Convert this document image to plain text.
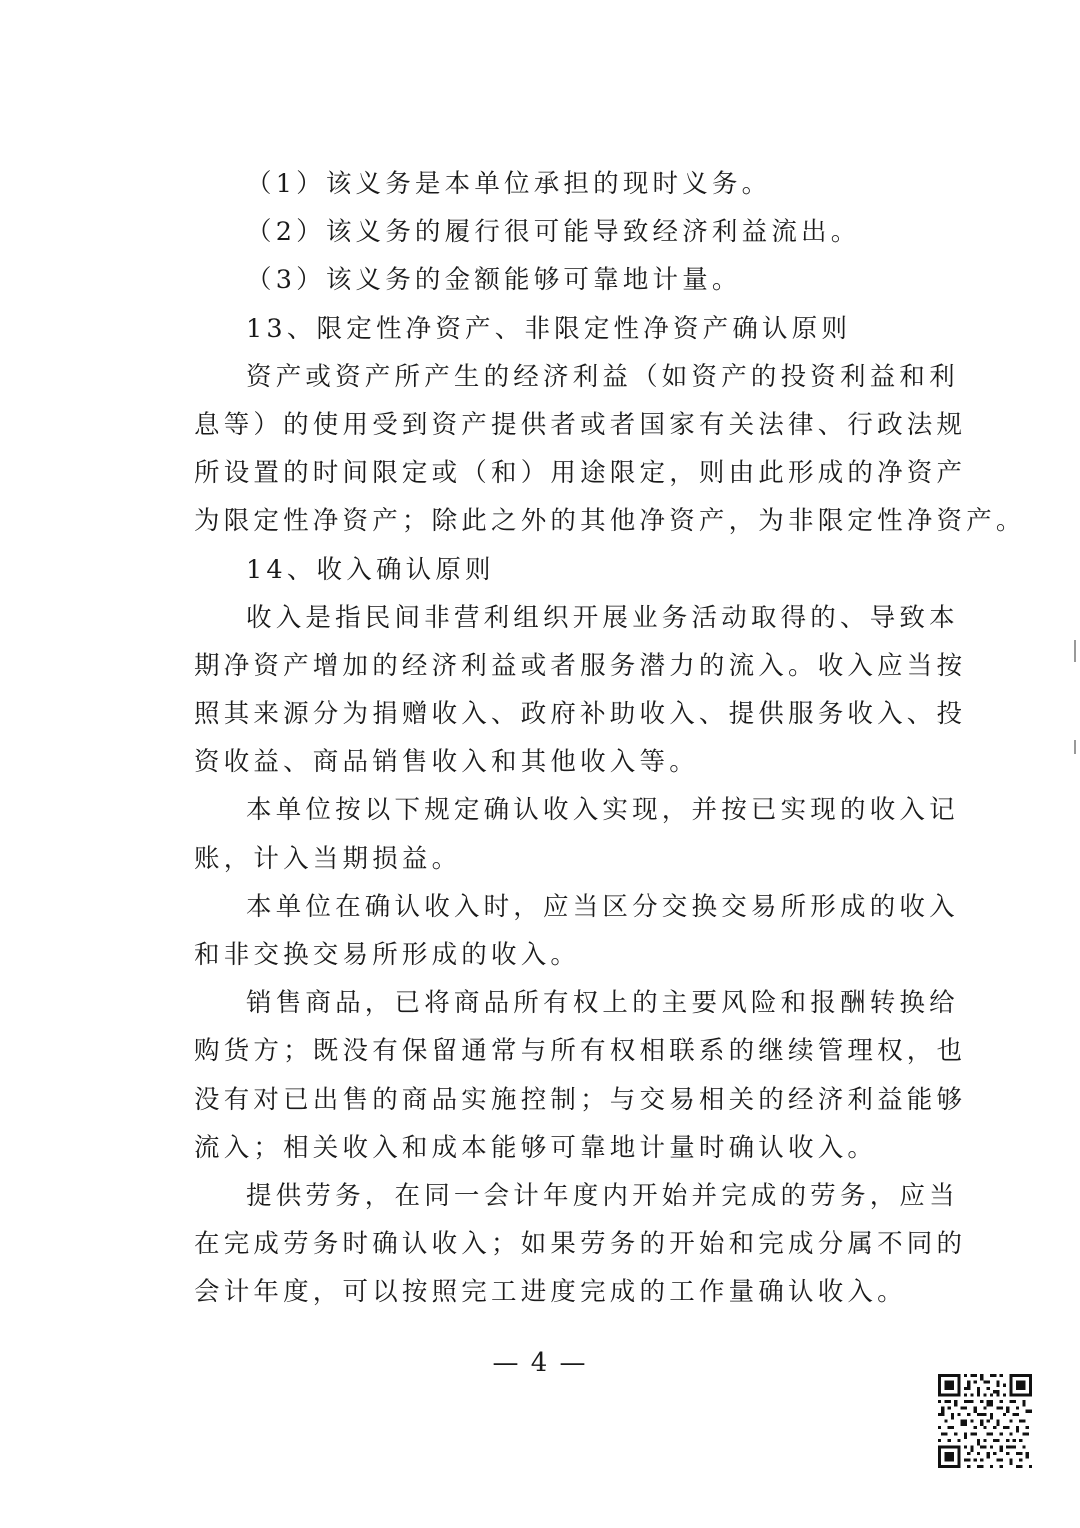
（1）该义务是本单位承担的现时义务。
（2）该义务的履行很可能导致经济利益流出。
（3）该义务的金额能够可靠地计量。
13、限定性净资产、非限定性净资产确认原则
资产或资产所产生的经济利益（如资产的投资利益和利
息等）的使用受到资产提供者或者国家有关法律、行政法规
所设置的时间限定或（和）用途限定，则由此形成的净资产
为限定性净资产；除此之外的其他净资产，为非限定性净资产。
14、收入确认原则
收入是指民间非营利组织开展业务活动取得的、导致本
期净资产增加的经济利益或者服务潜力的流入。收入应当按
照其来源分为捐赠收入、政府补助收入、提供服务收入、投
资收益、商品销售收入和其他收入等。
本单位按以下规定确认收入实现，并按已实现的收入记
账，计入当期损益。
本单位在确认收入时，应当区分交换交易所形成的收入
和非交换交易所形成的收入。
销售商品，已将商品所有权上的主要风险和报酬转换给
购货方；既没有保留通常与所有权相联系的继续管理权，也
没有对已出售的商品实施控制；与交易相关的经济利益能够
流入；相关收入和成本能够可靠地计量时确认收入。
提供劳务，在同一会计年度内开始并完成的劳务，应当
在完成劳务时确认收入；如果劳务的开始和完成分属不同的
会计年度，可以按照完工进度完成的工作量确认收入。
— 4 —
